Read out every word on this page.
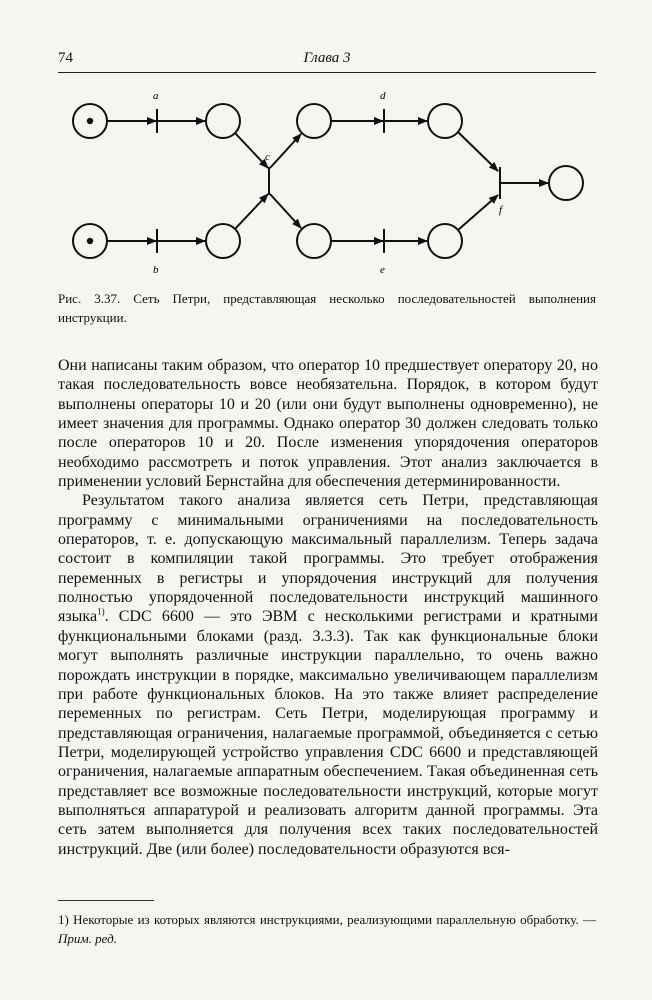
74	Глава 3
a
b
c
d
e
f
Рис. 3.37. Сеть Петри, представляющая несколько последовательностей выполнения инструкции.

Они написаны таким образом, что оператор 10 предшествует оператору 20, но такая последовательность вовсе необязательна. Порядок, в котором будут выполнены операторы 10 и 20 (или они будут выполнены одновременно), не имеет значения для программы. Однако оператор 30 должен следовать только после операторов 10 и 20. После изменения упорядочения операторов необходимо рассмотреть и поток управления. Этот анализ заключается в применении условий Бернстайна для обеспечения детерминированности.

Результатом такого анализа является сеть Петри, представляющая программу с минимальными ограничениями на последовательность операторов, т. е. допускающую максимальный параллелизм. Теперь задача состоит в компиляции такой программы. Это требует отображения переменных в регистры и упорядочения инструкций для получения полностью упорядоченной последовательности инструкций машинного языка$^{1)}$. CDC 6600 — это ЭВМ с несколькими регистрами и кратными функциональными блоками (разд. 3.3.3). Так как функциональные блоки могут выполнять различные инструкции параллельно, то очень важно порождать инструкции в порядке, максимально увеличивающем параллелизм при работе функциональных блоков. На это также влияет распределение переменных по регистрам. Сеть Петри, моделирующая программу и представляющая ограничения, налагаемые программой, объединяется с сетью Петри, моделирующей устройство управления CDC 6600 и представляющей ограничения, налагаемые аппаратным обеспечением. Такая объединенная сеть представляет все возможные последовательности инструкций, которые могут выполняться аппаратурой и реализовать алгоритм данной программы. Эта сеть затем выполняется для получения всех таких последовательностей инструкций. Две (или более) последовательности образуются вся-

1) Некоторые из которых являются инструкциями, реализующими параллельную обработку. —Прим. ред.
